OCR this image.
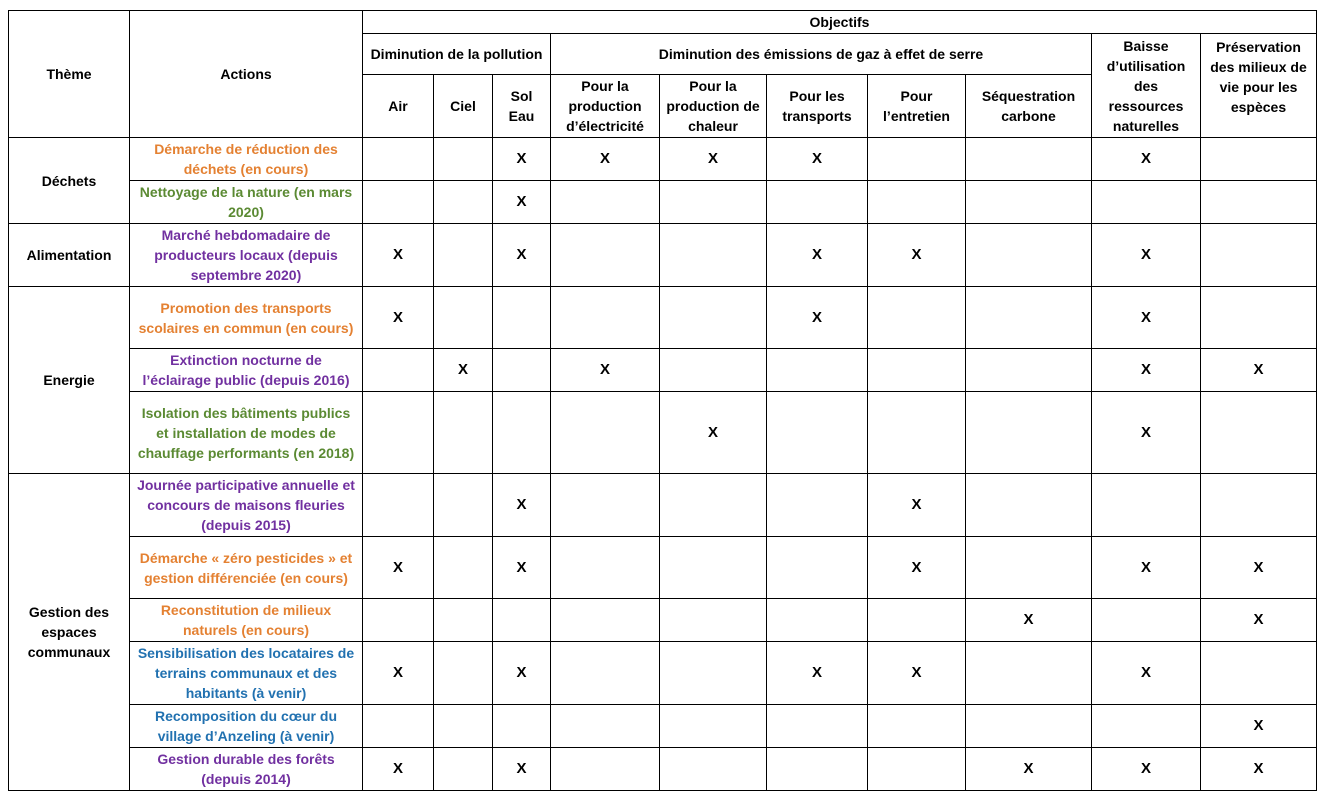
Thème	Actions	Objectifs									
		Diminution de la pollution			Diminution des émissions de gaz à effet de serre					Baisse d’utilisation des ressources naturelles	Préservation des milieux de vie pour les espèces
		Air	Ciel	Sol Eau	Pour la production d’électricité	Pour la production de chaleur	Pour les transports	Pour l’entretien	Séquestration carbone		
Déchets	Démarche de réduction des déchets (en cours)			X	X	X	X			X	
	Nettoyage de la nature (en mars 2020)			X							
Alimentation	Marché hebdomadaire de producteurs locaux (depuis septembre 2020)	X		X			X	X		X	
Energie	Promotion des transports scolaires en commun (en cours)	X					X			X	
	Extinction nocturne de l’éclairage public (depuis 2016)		X		X					X	X
	Isolation des bâtiments publics et installation de modes de chauffage performants (en 2018)					X				X	
Gestion des espaces communaux	Journée participative annuelle et concours de maisons fleuries (depuis 2015)			X				X			
	Démarche « zéro pesticides » et gestion différenciée (en cours)	X		X				X		X	X
	Reconstitution de milieux naturels (en cours)								X		X
	Sensibilisation des locataires de terrains communaux et des habitants (à venir)	X		X			X	X		X	
	Recomposition du cœur du village d’Anzeling (à venir)										X
	Gestion durable des forêts (depuis 2014)	X		X					X	X	X
